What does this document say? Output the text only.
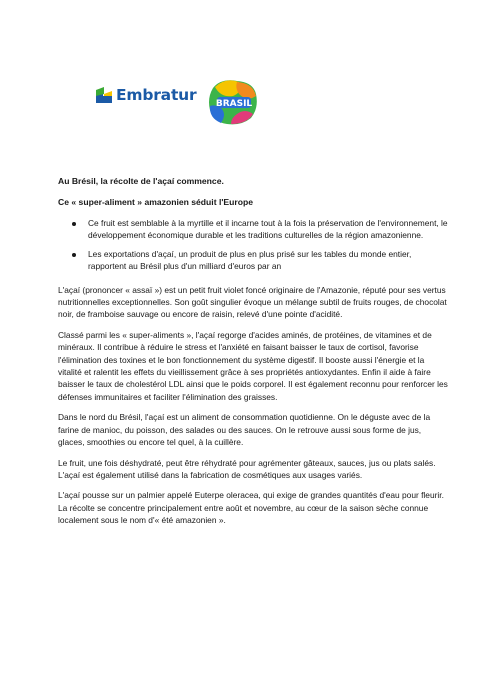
Embratur BRASIL

Au Brésil, la récolte de l'açaí commence.

Ce « super-aliment » amazonien séduit l'Europe

Ce fruit est semblable à la myrtille et il incarne tout à la fois la préservation de l'environnement, le développement économique durable et les traditions culturelles de la région amazonienne.
Les exportations d'açaí, un produit de plus en plus prisé sur les tables du monde entier, rapportent au Brésil plus d'un milliard d'euros par an

L'açaí (prononcer « assaï ») est un petit fruit violet foncé originaire de l'Amazonie, réputé pour ses vertus nutritionnelles exceptionnelles. Son goût singulier évoque un mélange subtil de fruits rouges, de chocolat noir, de framboise sauvage ou encore de raisin, relevé d'une pointe d'acidité.

Classé parmi les « super-aliments », l'açaí regorge d'acides aminés, de protéines, de vitamines et de minéraux. Il contribue à réduire le stress et l'anxiété en faisant baisser le taux de cortisol, favorise l'élimination des toxines et le bon fonctionnement du système digestif. Il booste aussi l'énergie et la vitalité et ralentit les effets du vieillissement grâce à ses propriétés antioxydantes. Enfin il aide à faire baisser le taux de cholestérol LDL ainsi que le poids corporel. Il est également reconnu pour renforcer les défenses immunitaires et faciliter l'élimination des graisses.

Dans le nord du Brésil, l'açaí est un aliment de consommation quotidienne. On le déguste avec de la farine de manioc, du poisson, des salades ou des sauces. On le retrouve aussi sous forme de jus, glaces, smoothies ou encore tel quel, à la cuillère.

Le fruit, une fois déshydraté, peut être réhydraté pour agrémenter gâteaux, sauces, jus ou plats salés. L'açaí est également utilisé dans la fabrication de cosmétiques aux usages variés.

L'açaí pousse sur un palmier appelé Euterpe oleracea, qui exige de grandes quantités d'eau pour fleurir. La récolte se concentre principalement entre août et novembre, au cœur de la saison sèche connue localement sous le nom d'« été amazonien ».
